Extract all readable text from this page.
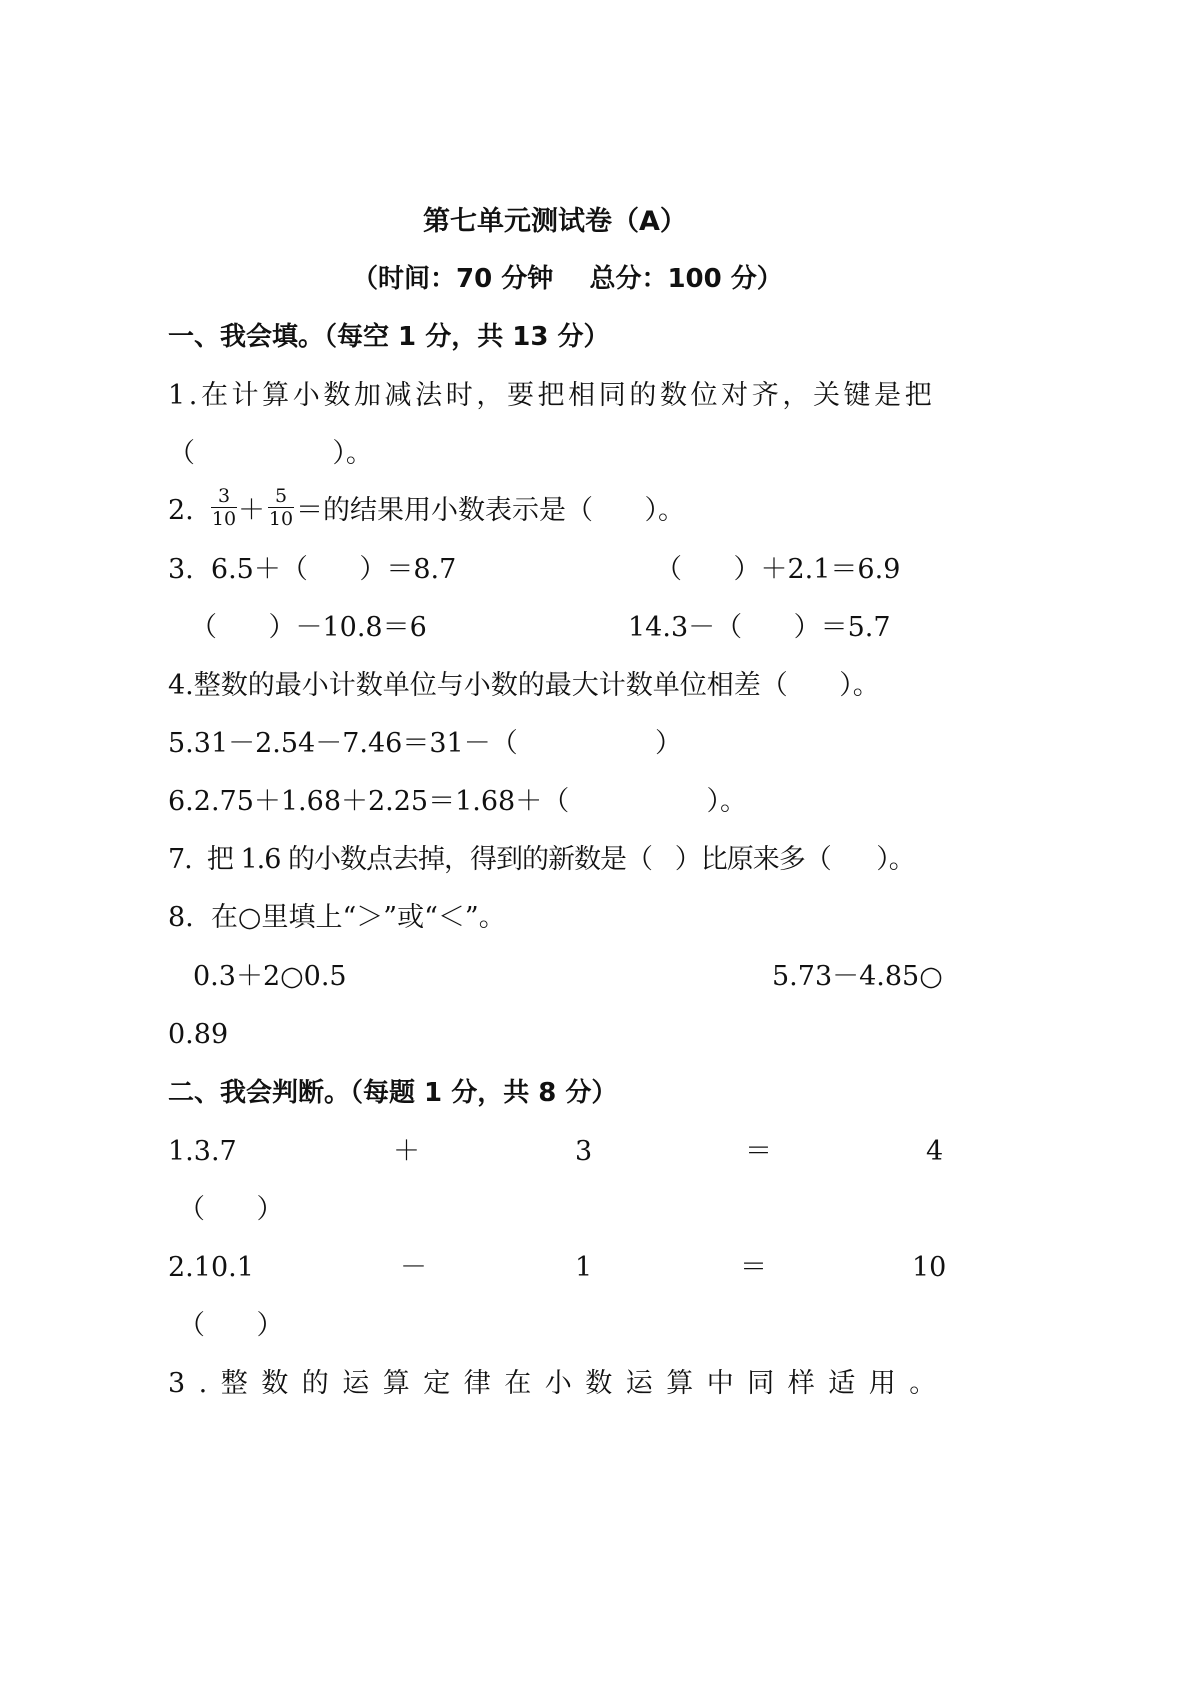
第七单元测试卷（A）
（时间：70 分钟    总分：100 分）
一、我会填。（每空 1 分，共 13 分）
1.在计算小数加减法时，要把相同的数位对齐，关键是把
（                ）。
2. $\frac{3}{10} + \frac{5}{10}$ ＝的结果用小数表示是（      ）。
3.  6.5＋（      ）＝8.7	（      ）＋2.1＝6.9
（      ）－10.8＝6	14.3－（      ）＝5.7
4.整数的最小计数单位与小数的最大计数单位相差（      ）。
5.31－2.54－7.46＝31－（                ）
6.2.75＋1.68＋2.25＝1.68＋（                ）。
7.  把 1.6 的小数点去掉，得到的新数是（   ）比原来多（      ）。
8.  在○里填上“＞”或“＜”。
0.3＋2○0.5	5.73－4.85○
0.89
二、我会判断。（每题 1 分，共 8 分）
1.3.7	＋	3	＝	4
（      ）
2.10.1	－	1	＝	10
（      ）
3.整数的运算定律在小数运算中同样适用。
